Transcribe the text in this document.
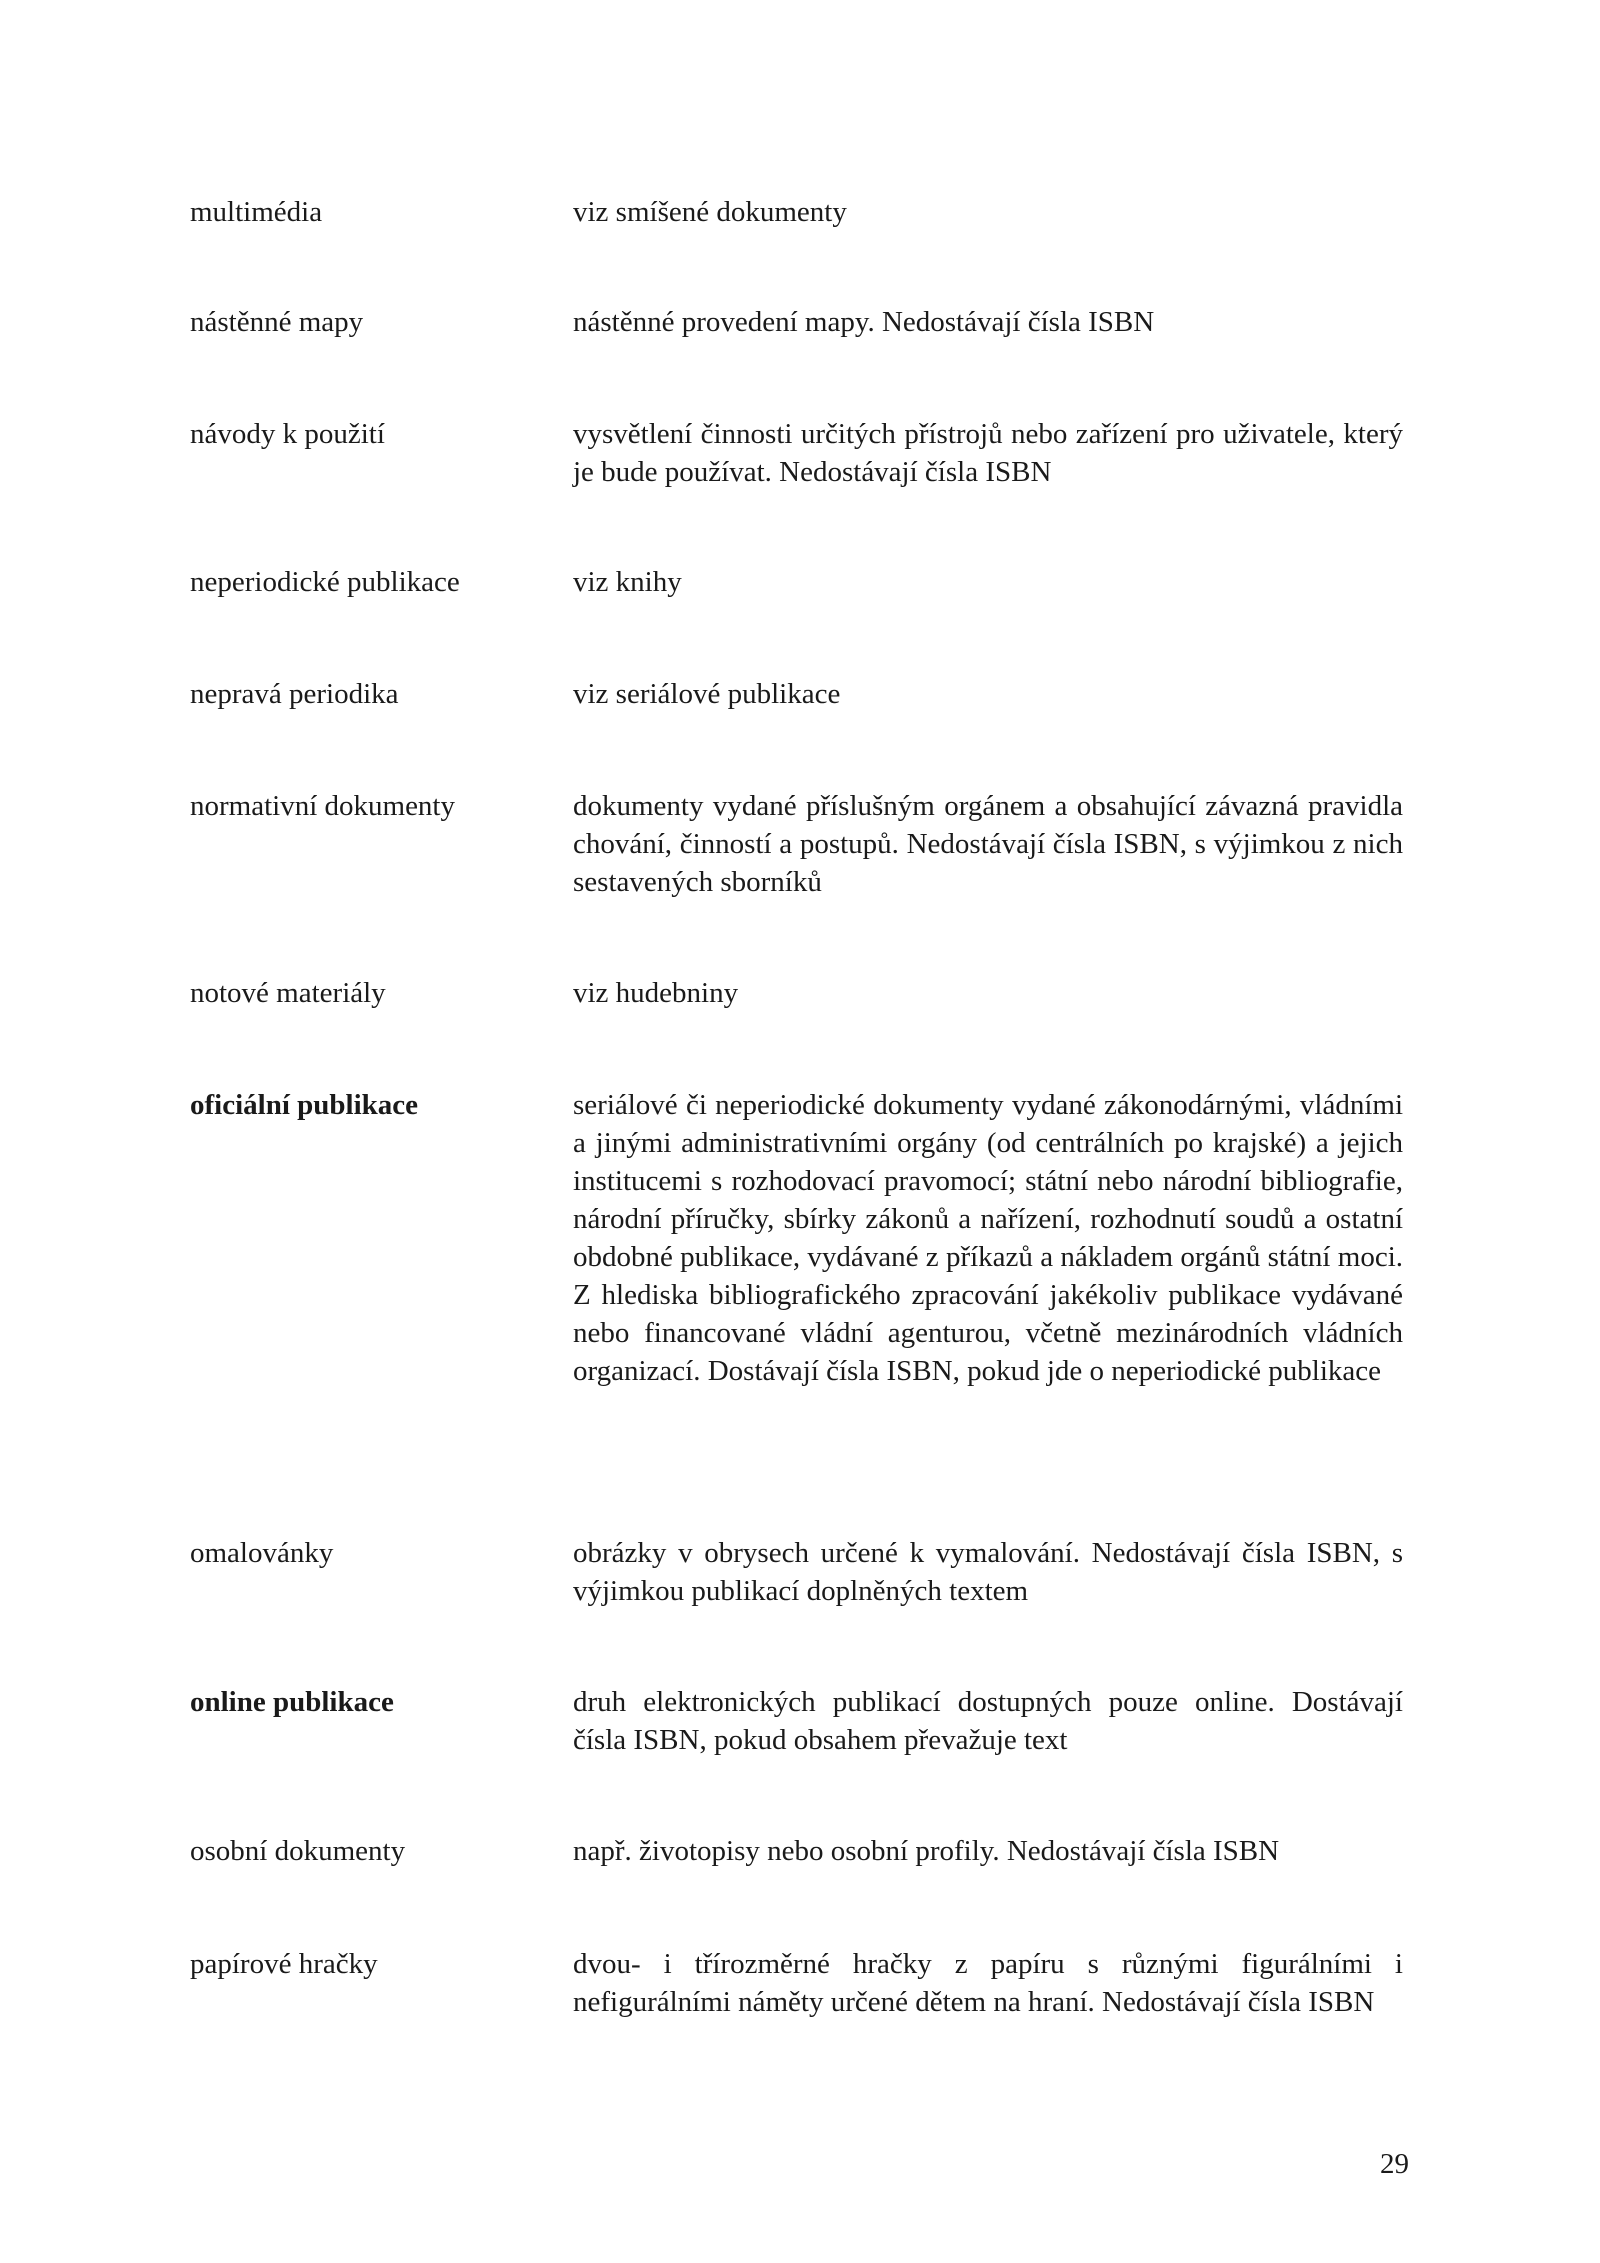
multimédia	viz smíšené dokumenty
nástěnné mapy	nástěnné provedení mapy. Nedostávají čísla ISBN
návody k použití	vysvětlení činnosti určitých přístrojů nebo zařízení pro uživatele, který je bude používat. Nedostávají čísla ISBN
neperiodické publikace	viz knihy
nepravá periodika	viz seriálové publikace
normativní dokumenty	dokumenty vydané příslušným orgánem a obsahující závazná pravidla chování, činností a postupů. Nedostávají čísla ISBN, s výjimkou z nich sestavených sborníků
notové materiály	viz hudebniny
oficiální publikace	seriálové či neperiodické dokumenty vydané zákonodárnými, vládními a jinými administrativními orgány (od centrálních po krajské) a jejich institucemi s rozhodovací pravomocí; státní nebo národní bibliografie, národní příručky, sbírky zákonů a nařízení, rozhodnutí soudů a ostatní obdobné publikace, vydávané z příkazů a nákladem orgánů státní moci. Z hlediska bibliografického zpracování jakékoliv publikace vydávané nebo financované vládní agenturou, včetně mezinárodních vládních organizací. Dostávají čísla ISBN, pokud jde o neperiodické publikace
omalovánky	obrázky v obrysech určené k vymalování. Nedostávají čísla ISBN, s výjimkou publikací doplněných textem
online publikace	druh elektronických publikací dostupných pouze online. Dostávají čísla ISBN, pokud obsahem převažuje text
osobní dokumenty	např. životopisy nebo osobní profily. Nedostávají čísla ISBN
papírové hračky	dvou- i třírozměrné hračky z papíru s různými figurálními i nefigurálními náměty určené dětem na hraní. Nedostávají čísla ISBN
29
